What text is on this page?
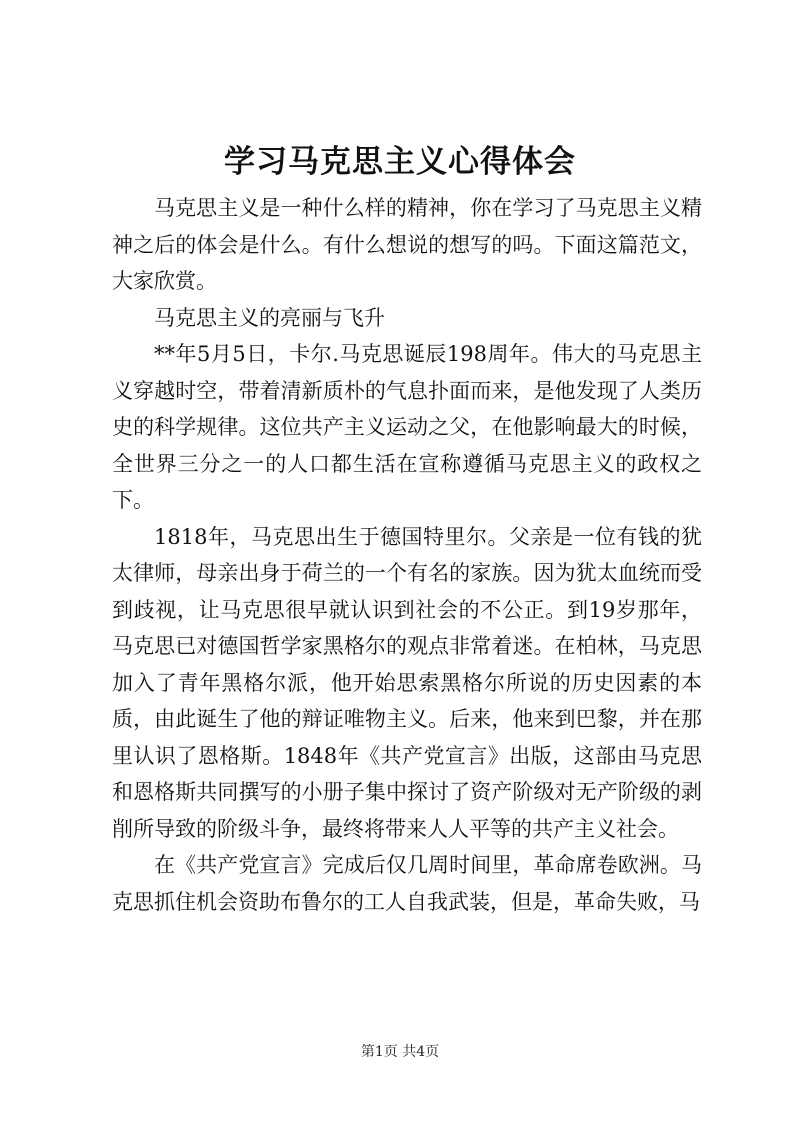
学习马克思主义心得体会

马克思主义是一种什么样的精神，你在学习了马克思主义精神之后的体会是什么。有什么想说的想写的吗。下面这篇范文，大家欣赏。

马克思主义的亮丽与飞升

**年5月5日，卡尔.马克思诞辰198周年。伟大的马克思主义穿越时空，带着清新质朴的气息扑面而来，是他发现了人类历史的科学规律。这位共产主义运动之父，在他影响最大的时候，全世界三分之一的人口都生活在宣称遵循马克思主义的政权之下。

1818年，马克思出生于德国特里尔。父亲是一位有钱的犹太律师，母亲出身于荷兰的一个有名的家族。因为犹太血统而受到歧视，让马克思很早就认识到社会的不公正。到19岁那年，马克思已对德国哲学家黑格尔的观点非常着迷。在柏林，马克思加入了青年黑格尔派，他开始思索黑格尔所说的历史因素的本质，由此诞生了他的辩证唯物主义。后来，他来到巴黎，并在那里认识了恩格斯。1848年《共产党宣言》出版，这部由马克思和恩格斯共同撰写的小册子集中探讨了资产阶级对无产阶级的剥削所导致的阶级斗争，最终将带来人人平等的共产主义社会。

在《共产党宣言》完成后仅几周时间里，革命席卷欧洲。马克思抓住机会资助布鲁尔的工人自我武装，但是，革命失败，马

第1页 共4页
